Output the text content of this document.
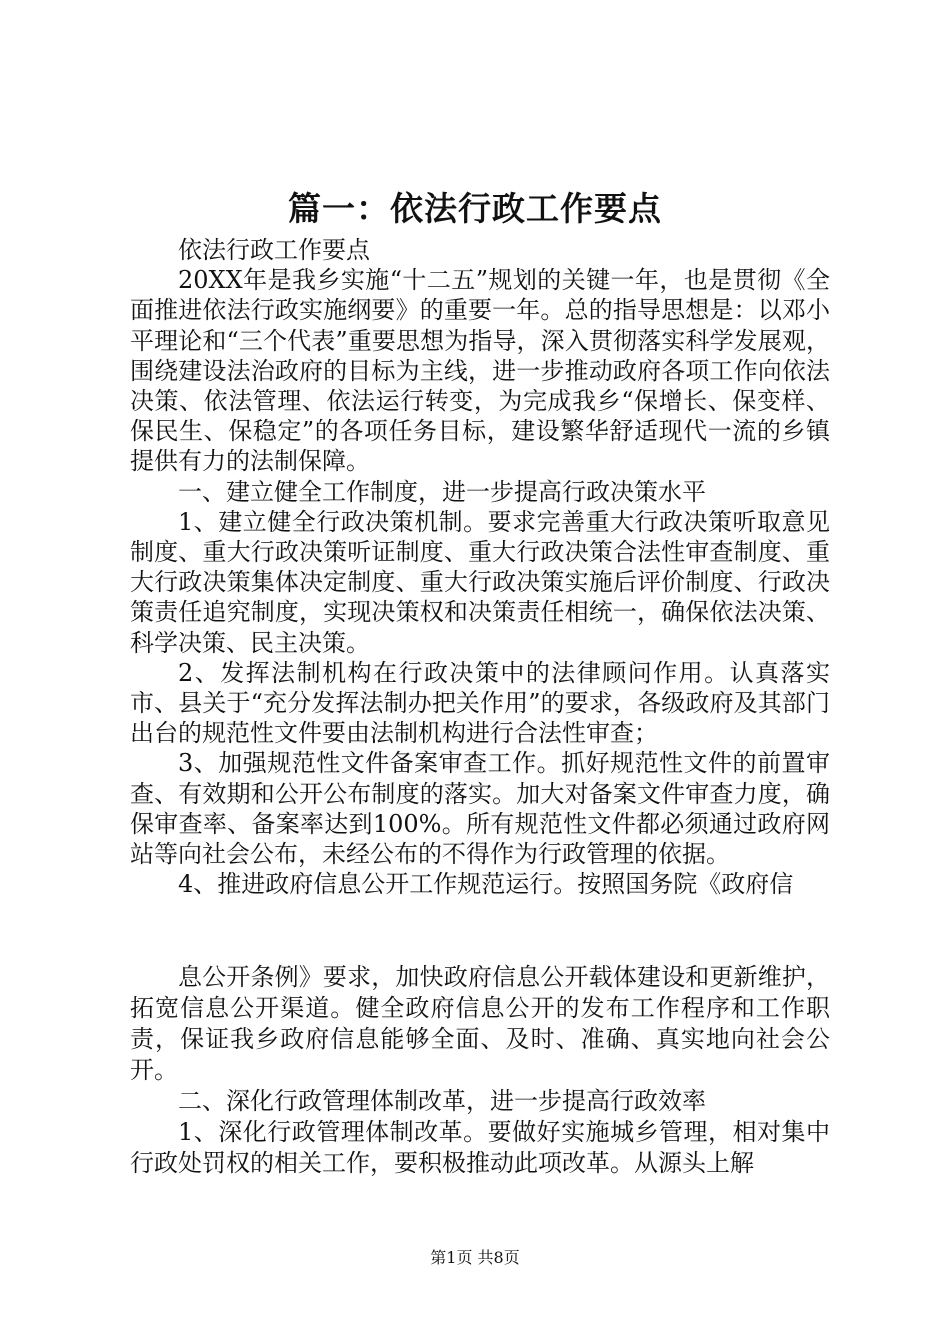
篇一：依法行政工作要点

依法行政工作要点

20XX年是我乡实施“十二五”规划的关键一年，也是贯彻《全面推进依法行政实施纲要》的重要一年。总的指导思想是：以邓小平理论和“三个代表”重要思想为指导，深入贯彻落实科学发展观，围绕建设法治政府的目标为主线，进一步推动政府各项工作向依法决策、依法管理、依法运行转变，为完成我乡“保增长、保变样、保民生、保稳定”的各项任务目标，建设繁华舒适现代一流的乡镇提供有力的法制保障。

一、建立健全工作制度，进一步提高行政决策水平

1、建立健全行政决策机制。要求完善重大行政决策听取意见制度、重大行政决策听证制度、重大行政决策合法性审查制度、重大行政决策集体决定制度、重大行政决策实施后评价制度、行政决策责任追究制度，实现决策权和决策责任相统一，确保依法决策、科学决策、民主决策。

2、发挥法制机构在行政决策中的法律顾问作用。认真落实市、县关于“充分发挥法制办把关作用”的要求，各级政府及其部门出台的规范性文件要由法制机构进行合法性审查；

3、加强规范性文件备案审查工作。抓好规范性文件的前置审查、有效期和公开公布制度的落实。加大对备案文件审查力度，确保审查率、备案率达到100%。所有规范性文件都必须通过政府网站等向社会公布，未经公布的不得作为行政管理的依据。

4、推进政府信息公开工作规范运行。按照国务院《政府信

息公开条例》要求，加快政府信息公开载体建设和更新维护，拓宽信息公开渠道。健全政府信息公开的发布工作程序和工作职责，保证我乡政府信息能够全面、及时、准确、真实地向社会公开。

二、深化行政管理体制改革，进一步提高行政效率

1、深化行政管理体制改革。要做好实施城乡管理，相对集中行政处罚权的相关工作，要积极推动此项改革。从源头上解

第1页 共8页
